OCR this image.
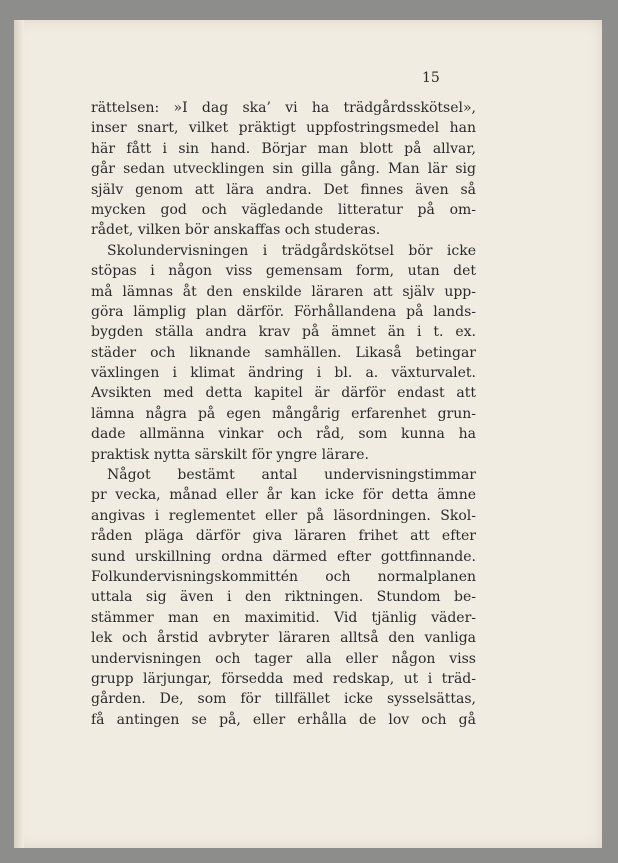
15
rättelsen: »I dag ska’ vi ha trädgårdsskötsel»,
inser snart, vilket präktigt uppfostringsmedel han
här fått i sin hand. Börjar man blott på allvar,
går sedan utvecklingen sin gilla gång. Man lär sig
själv genom att lära andra. Det finnes även så
mycken god och vägledande litteratur på om-
rådet, vilken bör anskaffas och studeras.
Skolundervisningen i trädgårdskötsel bör icke
stöpas i någon viss gemensam form, utan det
må lämnas åt den enskilde läraren att själv upp-
göra lämplig plan därför. Förhållandena på lands-
bygden ställa andra krav på ämnet än i t. ex.
städer och liknande samhällen. Likaså betingar
växlingen i klimat ändring i bl. a. växturvalet.
Avsikten med detta kapitel är därför endast att
lämna några på egen mångårig erfarenhet grun-
dade allmänna vinkar och råd, som kunna ha
praktisk nytta särskilt för yngre lärare.
Något bestämt antal undervisningstimmar
pr vecka, månad eller år kan icke för detta ämne
angivas i reglementet eller på läsordningen. Skol-
råden pläga därför giva läraren frihet att efter
sund urskillning ordna därmed efter gottfinnande.
Folkundervisningskommittén och normalplanen
uttala sig även i den riktningen. Stundom be-
stämmer man en maximitid. Vid tjänlig väder-
lek och årstid avbryter läraren alltså den vanliga
undervisningen och tager alla eller någon viss
grupp lärjungar, försedda med redskap, ut i träd-
gården. De, som för tillfället icke sysselsättas,
få antingen se på, eller erhålla de lov och gå
